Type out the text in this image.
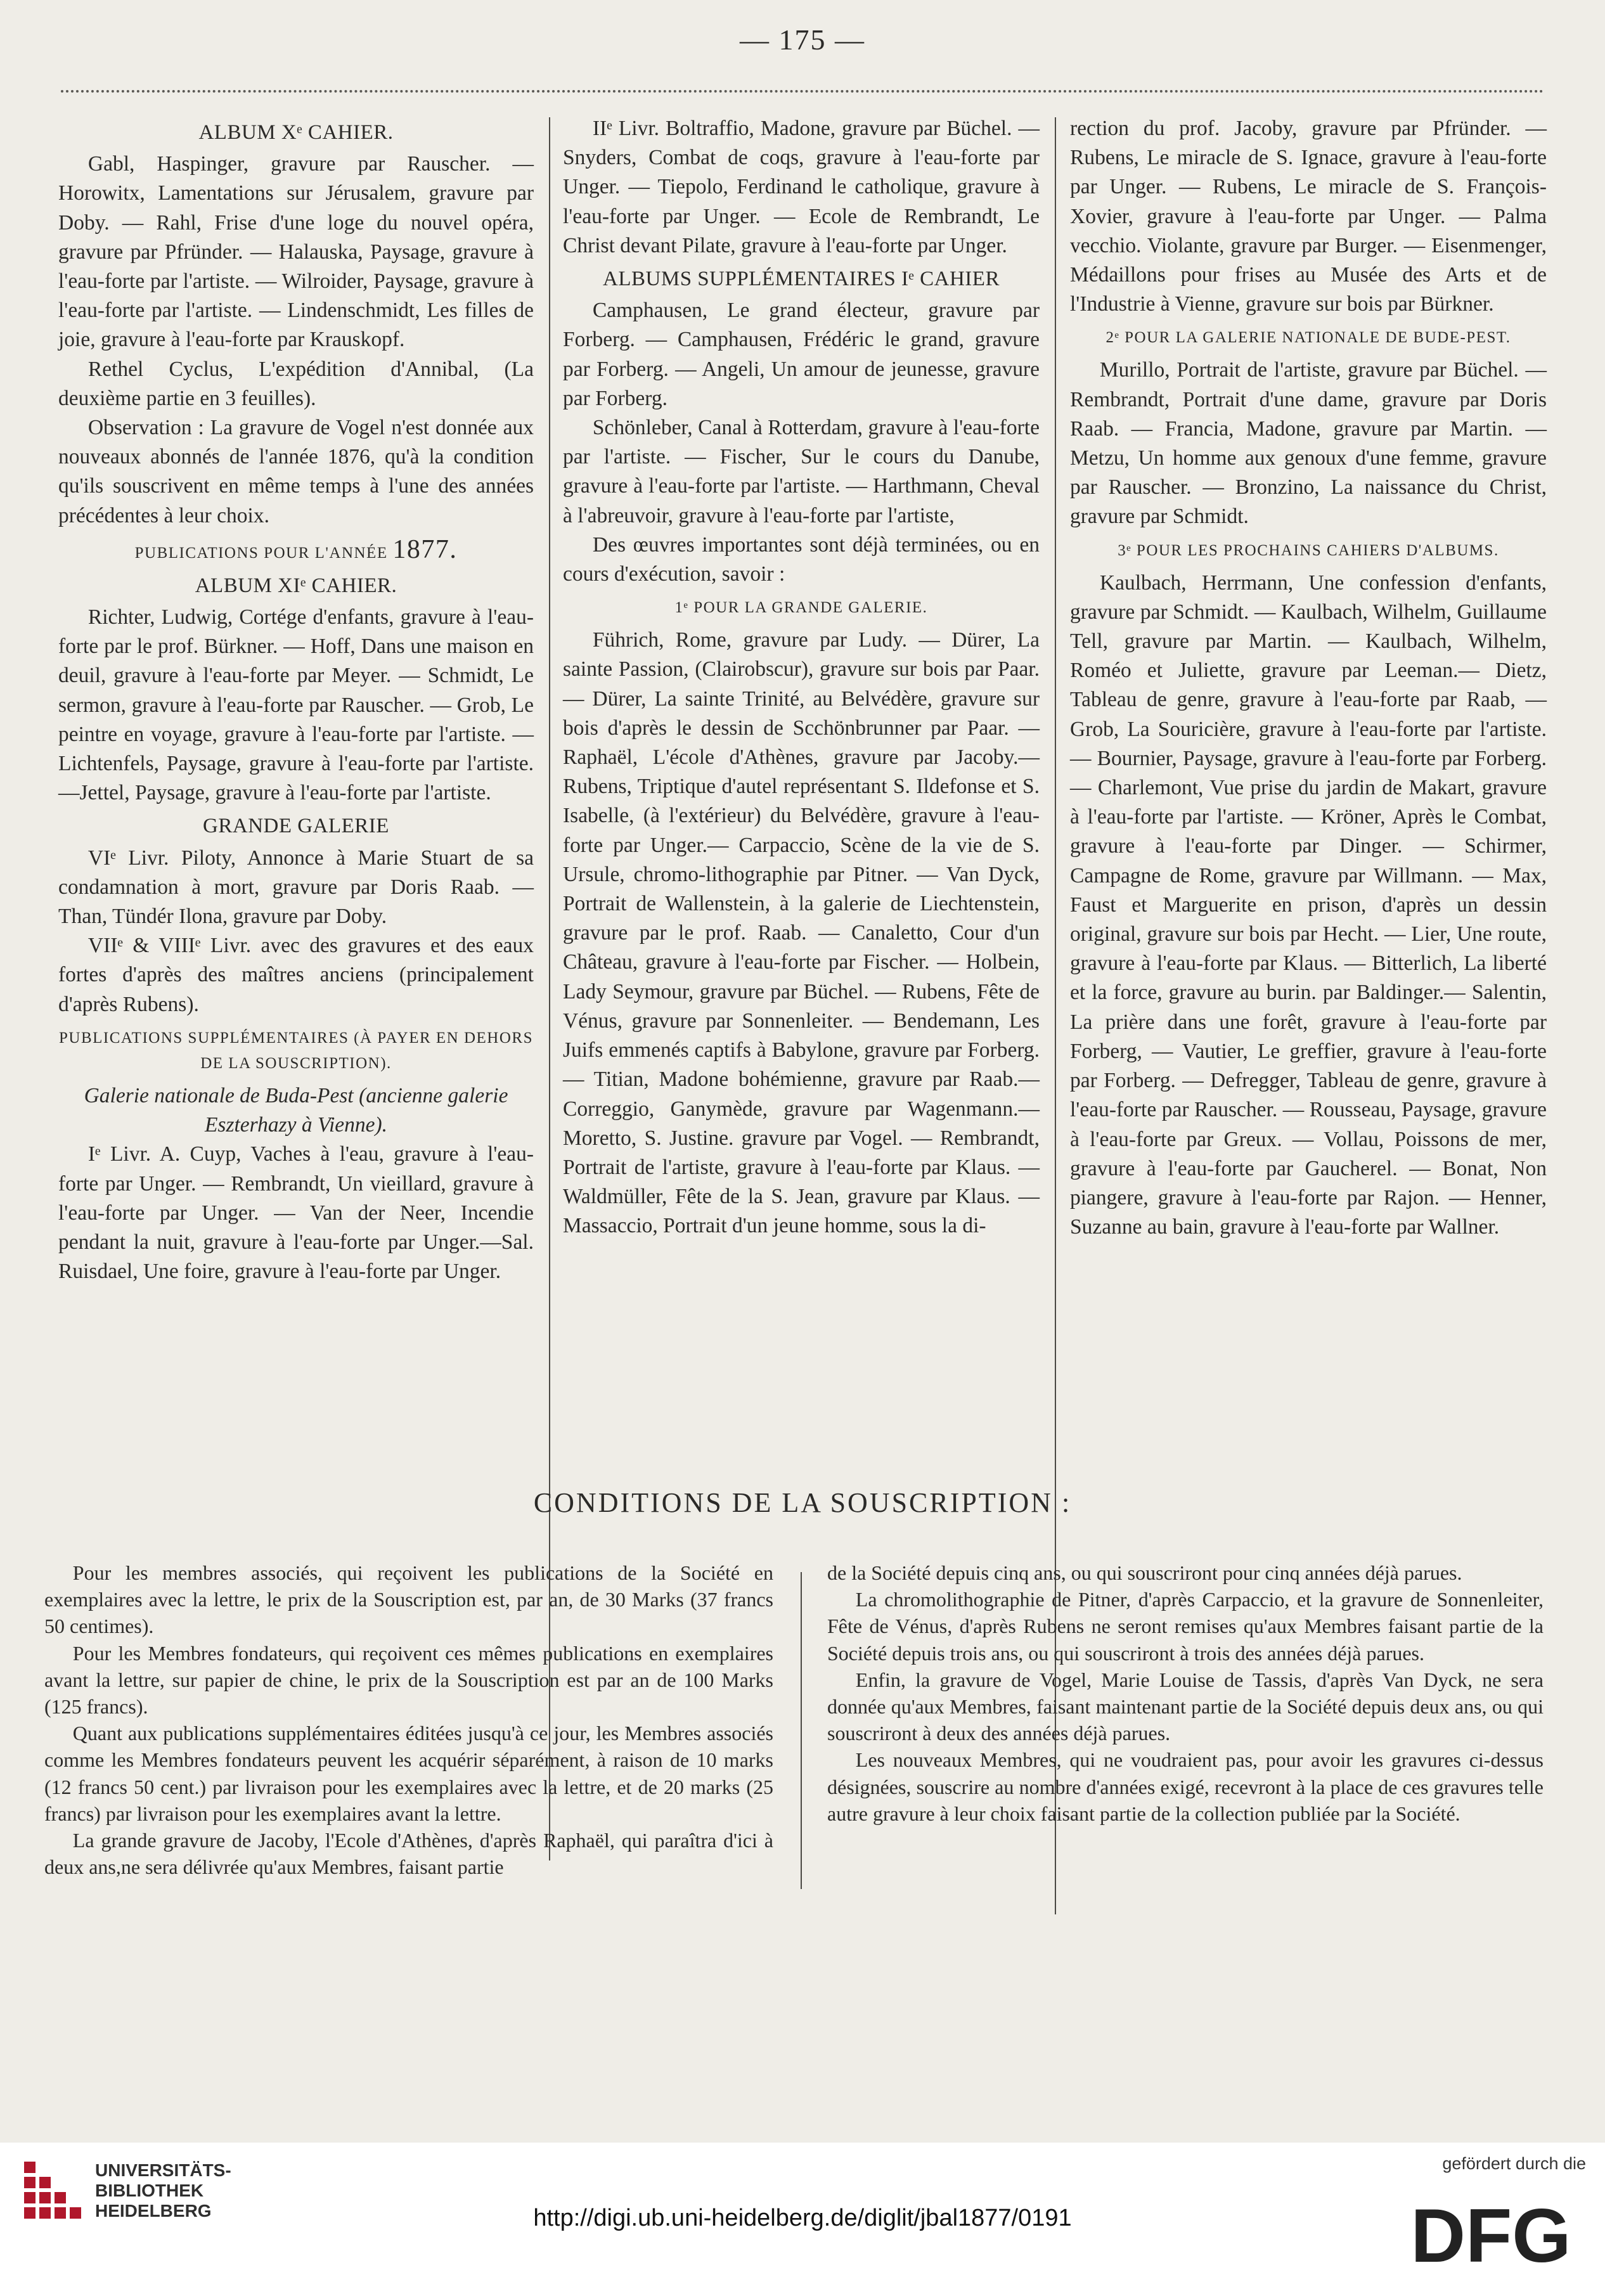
— 175 —
ALBUM Xᵉ CAHIER.

Gabl, Haspinger, gravure par Rauscher. — Horowitx, Lamentations sur Jérusalem, gravure par Doby. — Rahl, Frise d'une loge du nouvel opéra, gravure par Pfründer. — Halauska, Paysage, gravure à l'eau-forte par l'artiste. — Wilroider, Paysage, gravure à l'eau-forte par l'artiste. — Lindenschmidt, Les filles de joie, gravure à l'eau-forte par Krauskopf.

Rethel Cyclus, L'expédition d'Annibal, (La deuxième partie en 3 feuilles).

Observation : La gravure de Vogel n'est donnée aux nouveaux abonnés de l'année 1876, qu'à la condition qu'ils souscrivent en même temps à l'une des années précédentes à leur choix.

PUBLICATIONS POUR L'ANNÉE 1877.
ALBUM XIᵉ CAHIER.

Richter, Ludwig, Cortége d'enfants, gravure à l'eau-forte par le prof. Bürkner. — Hoff, Dans une maison en deuil, gravure à l'eau-forte par Meyer. — Schmidt, Le sermon, gravure à l'eau-forte par Rauscher. — Grob, Le peintre en voyage, gravure à l'eau-forte par l'artiste. — Lichtenfels, Paysage, gravure à l'eau-forte par l'artiste.—Jettel, Paysage, gravure à l'eau-forte par l'artiste.

GRANDE GALERIE

VIᵉ Livr. Piloty, Annonce à Marie Stuart de sa condamnation à mort, gravure par Doris Raab. — Than, Tündér Ilona, gravure par Doby.

VIIᵉ & VIIIᵉ Livr. avec des gravures et des eaux fortes d'après des maîtres anciens (principalement d'après Rubens).

PUBLICATIONS SUPPLÉMENTAIRES (À PAYER EN DEHORS DE LA SOUSCRIPTION).

Galerie nationale de Buda-Pest (ancienne galerie Eszterhazy à Vienne).

Iᵉ Livr. A. Cuyp, Vaches à l'eau, gravure à l'eau-forte par Unger. — Rembrandt, Un vieillard, gravure à l'eau-forte par Unger. — Van der Neer, Incendie pendant la nuit, gravure à l'eau-forte par Unger.—Sal. Ruisdael, Une foire, gravure à l'eau-forte par Unger.

IIᵉ Livr. Boltraffio, Madone, gravure par Büchel. — Snyders, Combat de coqs, gravure à l'eau-forte par Unger. — Tiepolo, Ferdinand le catholique, gravure à l'eau-forte par Unger. — Ecole de Rembrandt, Le Christ devant Pilate, gravure à l'eau-forte par Unger.

ALBUMS SUPPLÉMENTAIRES Iᵉ CAHIER

Camphausen, Le grand électeur, gravure par Forberg. — Camphausen, Frédéric le grand, gravure par Forberg. — Angeli, Un amour de jeunesse, gravure par Forberg.

Schönleber, Canal à Rotterdam, gravure à l'eau-forte par l'artiste. — Fischer, Sur le cours du Danube, gravure à l'eau-forte par l'artiste. — Harthmann, Cheval à l'abreuvoir, gravure à l'eau-forte par l'artiste,

Des œuvres importantes sont déjà terminées, ou en cours d'exécution, savoir :

1ᵉ POUR LA GRANDE GALERIE.

Führich, Rome, gravure par Ludy. — Dürer, La sainte Passion, (Clairobscur), gravure sur bois par Paar. — Dürer, La sainte Trinité, au Belvédère, gravure sur bois d'après le dessin de Scchönbrunner par Paar. — Raphaël, L'école d'Athènes, gravure par Jacoby.—Rubens, Triptique d'autel représentant S. Ildefonse et S. Isabelle, (à l'extérieur) du Belvédère, gravure à l'eau-forte par Unger.— Carpaccio, Scène de la vie de S. Ursule, chromo-lithographie par Pitner. — Van Dyck, Portrait de Wallenstein, à la galerie de Liechtenstein, gravure par le prof. Raab. — Canaletto, Cour d'un Château, gravure à l'eau-forte par Fischer. — Holbein, Lady Seymour, gravure par Büchel. — Rubens, Fête de Vénus, gravure par Sonnenleiter. — Bendemann, Les Juifs emmenés captifs à Babylone, gravure par Forberg.— Titian, Madone bohémienne, gravure par Raab.— Correggio, Ganymède, gravure par Wagenmann.— Moretto, S. Justine. gravure par Vogel. — Rembrandt, Portrait de l'artiste, gravure à l'eau-forte par Klaus. — Waldmüller, Fête de la S. Jean, gravure par Klaus. — Massaccio, Portrait d'un jeune homme, sous la di-

rection du prof. Jacoby, gravure par Pfründer. — Rubens, Le miracle de S. Ignace, gravure à l'eau-forte par Unger. — Rubens, Le miracle de S. François-Xovier, gravure à l'eau-forte par Unger. — Palma vecchio. Violante, gravure par Burger. — Eisenmenger, Médaillons pour frises au Musée des Arts et de l'Industrie à Vienne, gravure sur bois par Bürkner.

2ᵉ POUR LA GALERIE NATIONALE DE BUDE-PEST.

Murillo, Portrait de l'artiste, gravure par Büchel. — Rembrandt, Portrait d'une dame, gravure par Doris Raab. — Francia, Madone, gravure par Martin. — Metzu, Un homme aux genoux d'une femme, gravure par Rauscher. — Bronzino, La naissance du Christ, gravure par Schmidt.

3ᵉ POUR LES PROCHAINS CAHIERS D'ALBUMS.

Kaulbach, Herrmann, Une confession d'enfants, gravure par Schmidt. — Kaulbach, Wilhelm, Guillaume Tell, gravure par Martin. — Kaulbach, Wilhelm, Roméo et Juliette, gravure par Leeman.— Dietz, Tableau de genre, gravure à l'eau-forte par Raab, — Grob, La Souricière, gravure à l'eau-forte par l'artiste. — Bournier, Paysage, gravure à l'eau-forte par Forberg. — Charlemont, Vue prise du jardin de Makart, gravure à l'eau-forte par l'artiste. — Kröner, Après le Combat, gravure à l'eau-forte par Dinger. — Schirmer, Campagne de Rome, gravure par Willmann. — Max, Faust et Marguerite en prison, d'après un dessin original, gravure sur bois par Hecht. — Lier, Une route, gravure à l'eau-forte par Klaus. — Bitterlich, La liberté et la force, gravure au burin. par Baldinger.— Salentin, La prière dans une forêt, gravure à l'eau-forte par Forberg, — Vautier, Le greffier, gravure à l'eau-forte par Forberg. — Defregger, Tableau de genre, gravure à l'eau-forte par Rauscher. — Rousseau, Paysage, gravure à l'eau-forte par Greux. — Vollau, Poissons de mer, gravure à l'eau-forte par Gaucherel. — Bonat, Non piangere, gravure à l'eau-forte par Rajon. — Henner, Suzanne au bain, gravure à l'eau-forte par Wallner.

CONDITIONS DE LA SOUSCRIPTION :

Pour les membres associés, qui reçoivent les publications de la Société en exemplaires avec la lettre, le prix de la Souscription est, par an, de 30 Marks (37 francs 50 centimes).

Pour les Membres fondateurs, qui reçoivent ces mêmes publications en exemplaires avant la lettre, sur papier de chine, le prix de la Souscription est par an de 100 Marks (125 francs).

Quant aux publications supplémentaires éditées jusqu'à ce jour, les Membres associés comme les Membres fondateurs peuvent les acquérir séparément, à raison de 10 marks (12 francs 50 cent.) par livraison pour les exemplaires avec la lettre, et de 20 marks (25 francs) par livraison pour les exemplaires avant la lettre.

La grande gravure de Jacoby, l'Ecole d'Athènes, d'après Raphaël, qui paraîtra d'ici à deux ans,ne sera délivrée qu'aux Membres, faisant partie

de la Société depuis cinq ans, ou qui souscriront pour cinq années déjà parues.

La chromolithographie de Pitner, d'après Carpaccio, et la gravure de Sonnenleiter, Fête de Vénus, d'après Rubens ne seront remises qu'aux Membres faisant partie de la Société depuis trois ans, ou qui souscriront à trois des années déjà parues.

Enfin, la gravure de Vogel, Marie Louise de Tassis, d'après Van Dyck, ne sera donnée qu'aux Membres, faisant maintenant partie de la Société depuis deux ans, ou qui souscriront à deux des années déjà parues.

Les nouveaux Membres, qui ne voudraient pas, pour avoir les gravures ci-dessus désignées, souscrire au nombre d'années exigé, recevront à la place de ces gravures telle autre gravure à leur choix faisant partie de la collection publiée par la Société.

UNIVERSITÄTS-
BIBLIOTHEK
HEIDELBERG	http://digi.ub.uni-heidelberg.de/diglit/jbal1877/0191
gefördert durch die
DFG
